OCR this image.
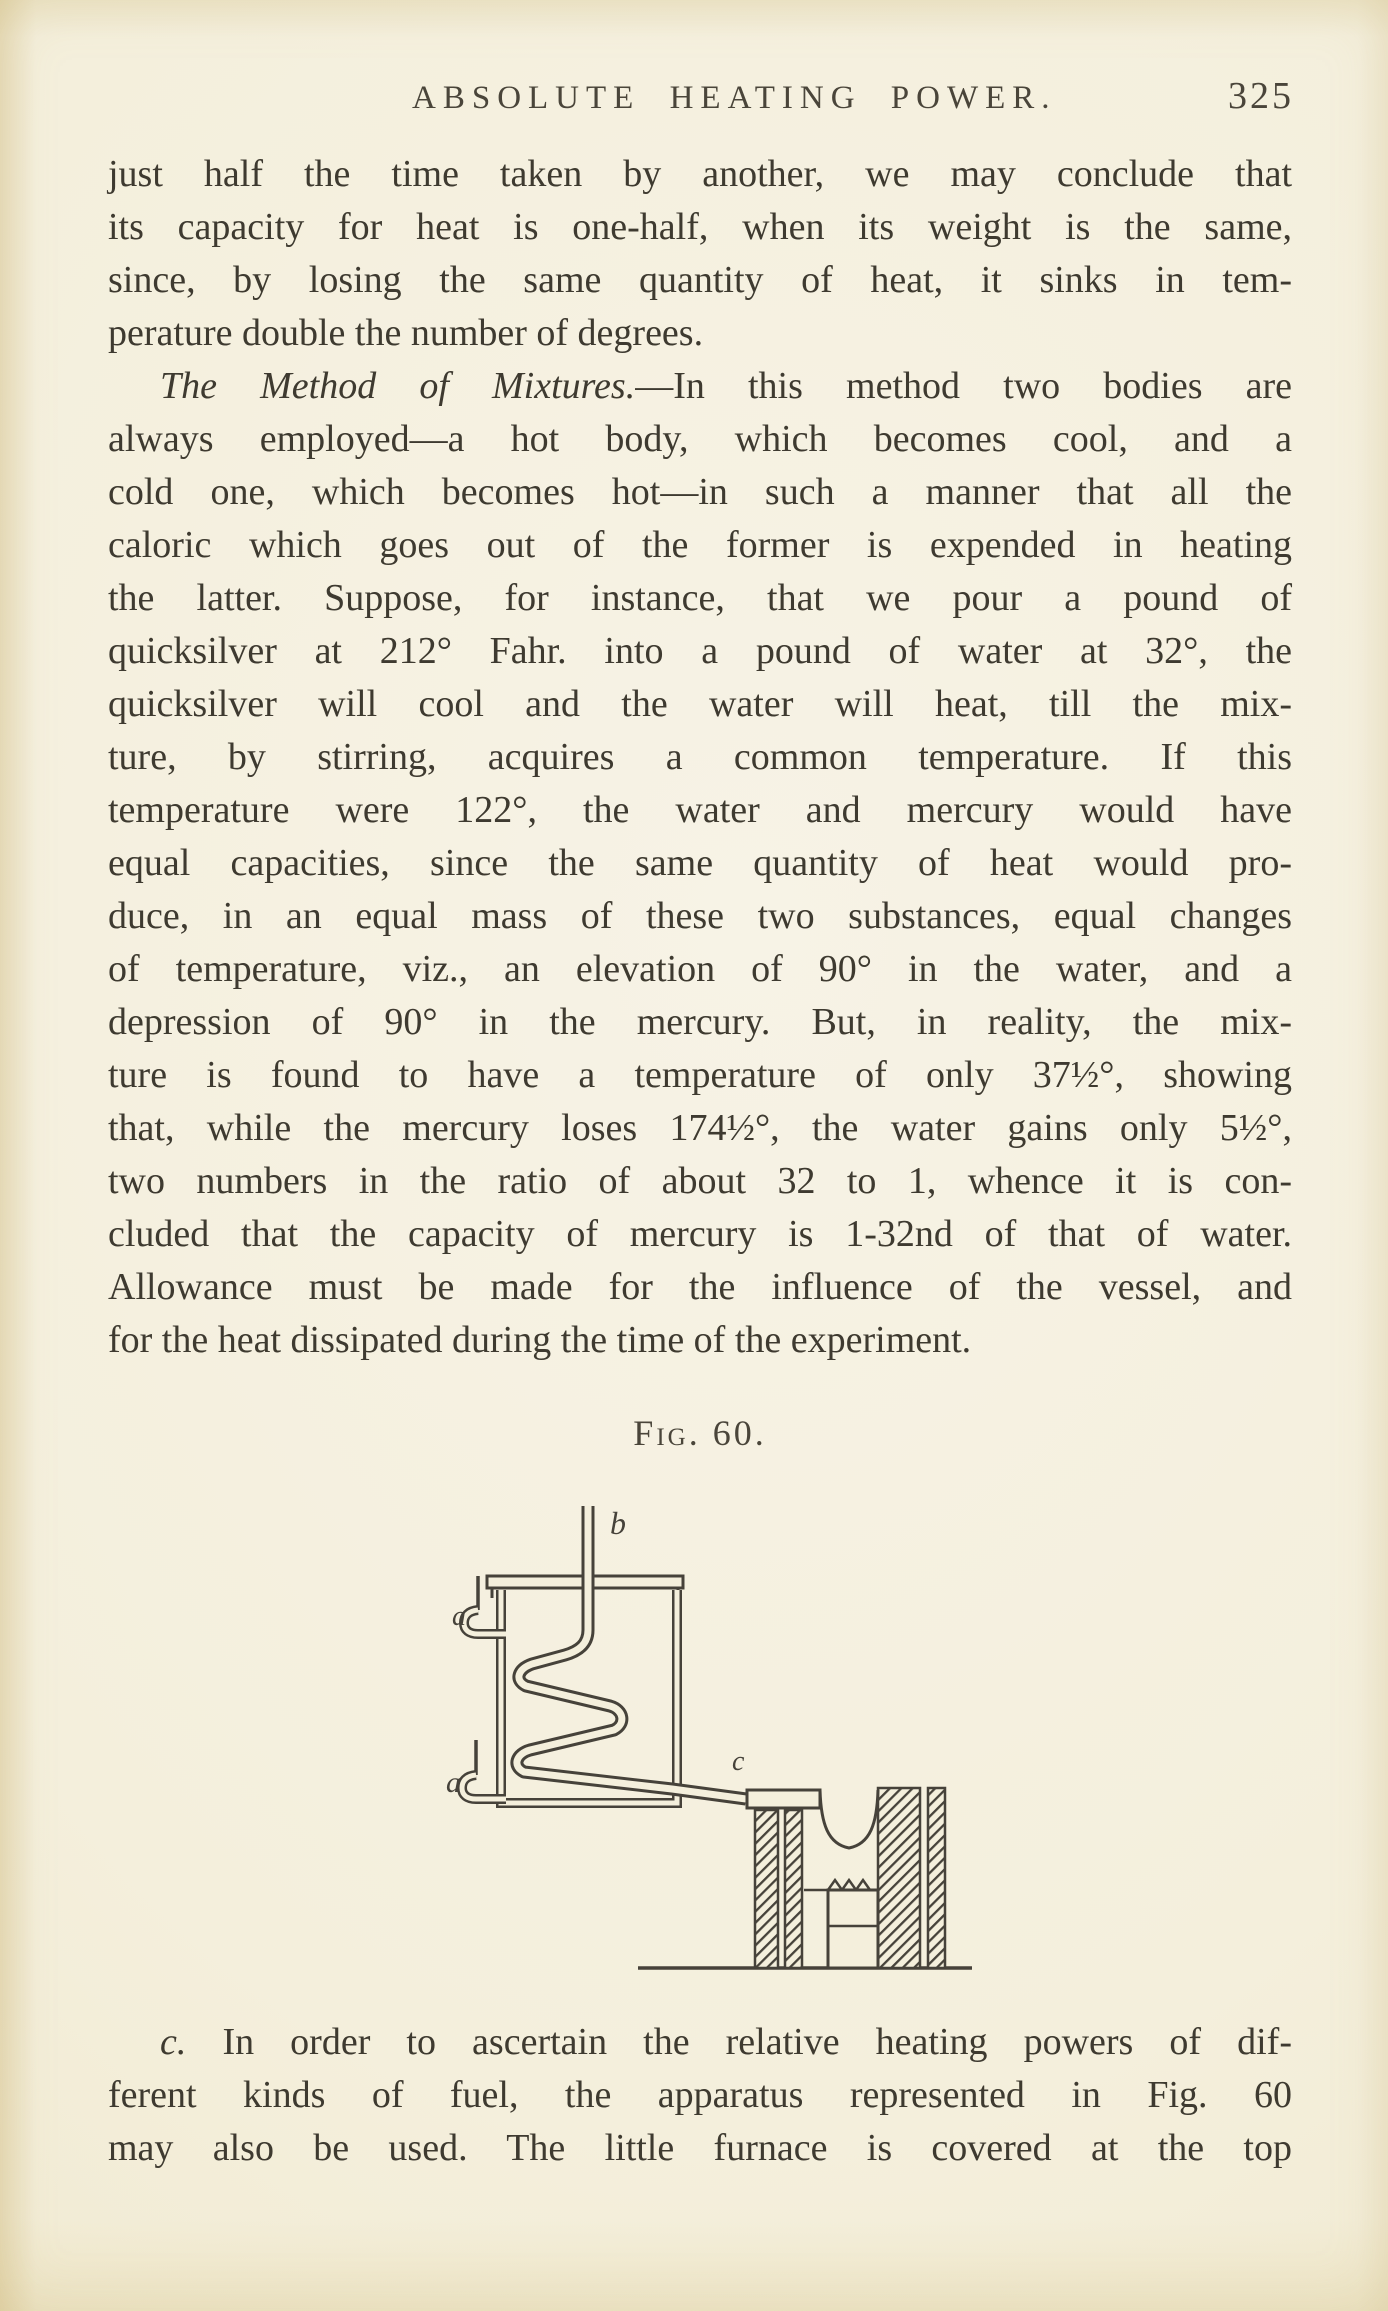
ABSOLUTE HEATING POWER.	325
just half the time taken by another, we may conclude that
its capacity for heat is one-half, when its weight is the same,
since, by losing the same quantity of heat, it sinks in tem-
perature double the number of degrees.
The Method of Mixtures.—In this method two bodies are
always employed—a hot body, which becomes cool, and a
cold one, which becomes hot—in such a manner that all the
caloric which goes out of the former is expended in heating
the latter. Suppose, for instance, that we pour a pound of
quicksilver at 212° Fahr. into a pound of water at 32°, the
quicksilver will cool and the water will heat, till the mix-
ture, by stirring, acquires a common temperature. If this
temperature were 122°, the water and mercury would have
equal capacities, since the same quantity of heat would pro-
duce, in an equal mass of these two substances, equal changes
of temperature, viz., an elevation of 90° in the water, and a
depression of 90° in the mercury. But, in reality, the mix-
ture is found to have a temperature of only 37½°, showing
that, while the mercury loses 174½°, the water gains only 5½°,
two numbers in the ratio of about 32 to 1, whence it is con-
cluded that the capacity of mercury is 1-32nd of that of water.
Allowance must be made for the influence of the vessel, and
for the heat dissipated during the time of the experiment.
Fig. 60.
b
a
a
c
c. In order to ascertain the relative heating powers of dif-
ferent kinds of fuel, the apparatus represented in Fig. 60
may also be used. The little furnace is covered at the top
